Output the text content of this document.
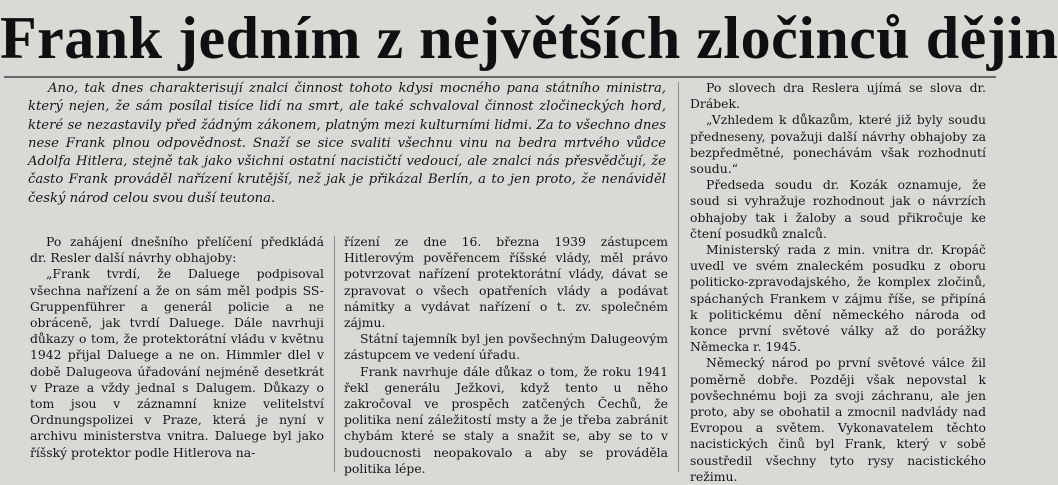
Frank jedním z největších zločinců dějin

Ano, tak dnes charakterisují znalci činnost tohoto kdysi mocného pana státního ministra, který nejen, že sám posílal tisíce lidí na smrt, ale také schvaloval činnost zločineckých hord, které se nezastavily před žádným zákonem, platným mezi kulturními lidmi. Za to všechno dnes nese Frank plnou odpovědnost. Snaží se sice svaliti všechnu vinu na bedra mrtvého vůdce Adolfa Hitlera, stejně tak jako všichni ostatní nacističtí vedoucí, ale znalci nás přesvědčují, že často Frank prováděl nařízení krutější, než jak je přikázal Berlín, a to jen proto, že nenáviděl český národ celou svou duší teutona.

Po zahájení dnešního přelíčení předkládá dr. Resler další návrhy obhajoby:

„Frank tvrdí, že Daluege podpisoval všechna nařízení a že on sám měl podpis SS-Gruppenführer a generál policie a ne obráceně, jak tvrdí Daluege. Dále navrhuji důkazy o tom, že protektorátní vládu v květnu 1942 přijal Daluege a ne on. Himmler dlel v době Dalugeova úřadování nejméně desetkrát v Praze a vždy jednal s Dalugem. Důkazy o tom jsou v záznamní knize velitelství Ordnungspolizei v Praze, která je nyní v archivu ministerstva vnitra. Daluege byl jako říšský protektor podle Hitlerova na-

řízení ze dne 16. března 1939 zástupcem Hitlerovým pověřencem říšské vlády, měl právo potvrzovat nařízení protektorátní vlády, dávat se zpravovat o všech opatřeních vlády a podávat námitky a vydávat nařízení o t. zv. společném zájmu.

Státní tajemník byl jen povšechným Dalugeovým zástupcem ve vedení úřadu.

Frank navrhuje dále důkaz o tom, že roku 1941 řekl generálu Ježkovi, když tento u něho zakročoval ve prospěch zatčených Čechů, že politika není záležitostí msty a že je třeba zabránit chybám které se staly a snažit se, aby se to v budoucnosti neopakovalo a aby se prováděla politika lépe.

Po slovech dra Reslera ujímá se slova dr. Drábek.

„Vzhledem k důkazům, které již byly soudu předneseny, považuji další návrhy obhajoby za bezpředmětné, ponechávám však rozhodnutí soudu.“

Předseda soudu dr. Kozák oznamuje, že soud si vyhražuje rozhodnout jak o návrzích obhajoby tak i žaloby a soud přikročuje ke čtení posudků znalců.

Ministerský rada z min. vnitra dr. Kropáč uvedl ve svém znaleckém posudku z oboru politicko-zpravodajského, že komplex zločinů, spáchaných Frankem v zájmu říše, se připíná k politickému dění německého národa od konce první světové války až do porážky Německa r. 1945.

Německý národ po první světové válce žil poměrně dobře. Později však nepovstal k povšechnému boji za svoji záchranu, ale jen proto, aby se obohatil a zmocnil nadvlády nad Evropou a světem. Vykonavatelem těchto nacistických činů byl Frank, který v sobě soustředil všechny tyto rysy nacistického režimu.
